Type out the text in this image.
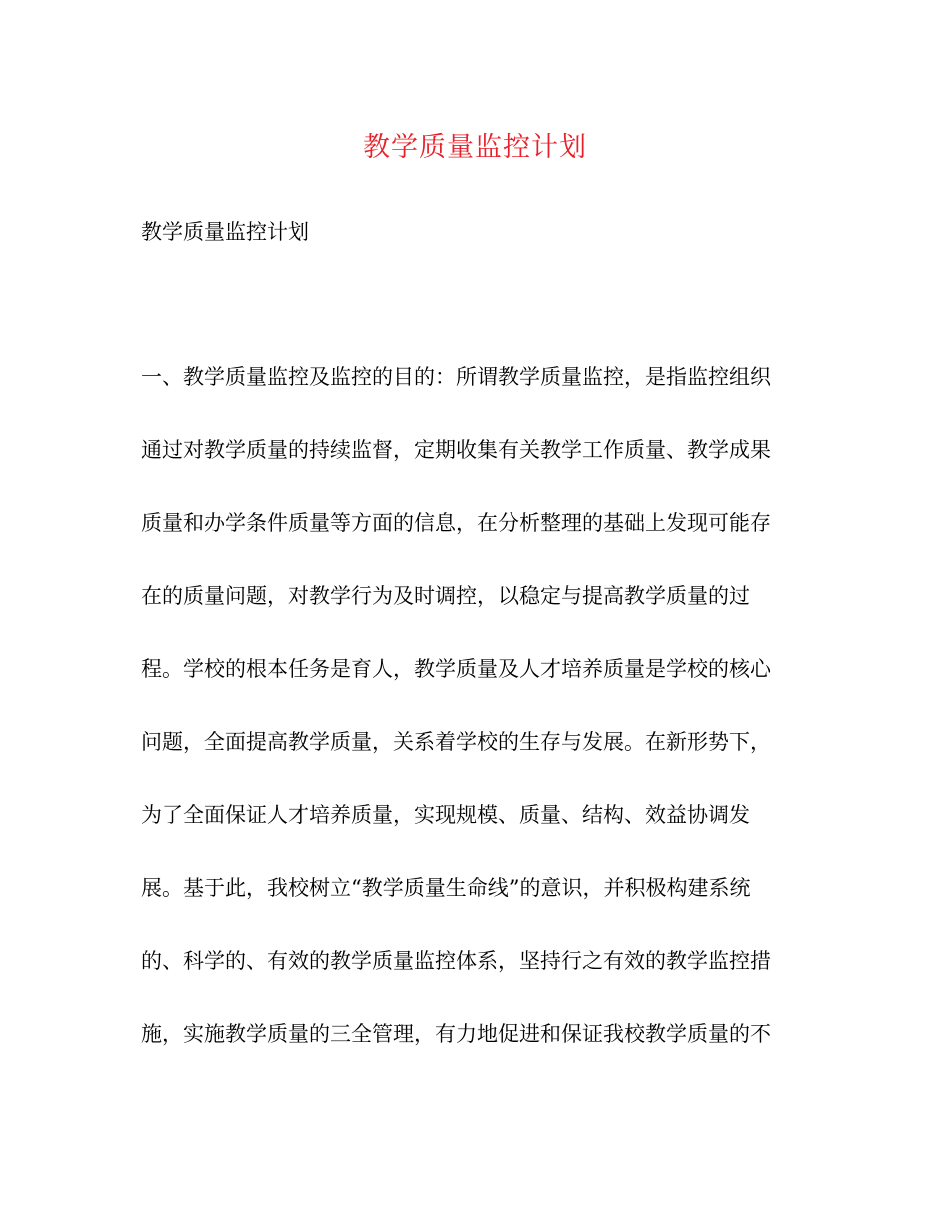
教学质量监控计划
教学质量监控计划
一、教学质量监控及监控的目的：所谓教学质量监控，是指监控组织
通过对教学质量的持续监督，定期收集有关教学工作质量、教学成果
质量和办学条件质量等方面的信息，在分析整理的基础上发现可能存
在的质量问题，对教学行为及时调控，以稳定与提高教学质量的过
程。学校的根本任务是育人，教学质量及人才培养质量是学校的核心
问题，全面提高教学质量，关系着学校的生存与发展。在新形势下，
为了全面保证人才培养质量，实现规模、质量、结构、效益协调发
展。基于此，我校树立“教学质量生命线”的意识，并积极构建系统
的、科学的、有效的教学质量监控体系，坚持行之有效的教学监控措
施，实施教学质量的三全管理，有力地促进和保证我校教学质量的不
